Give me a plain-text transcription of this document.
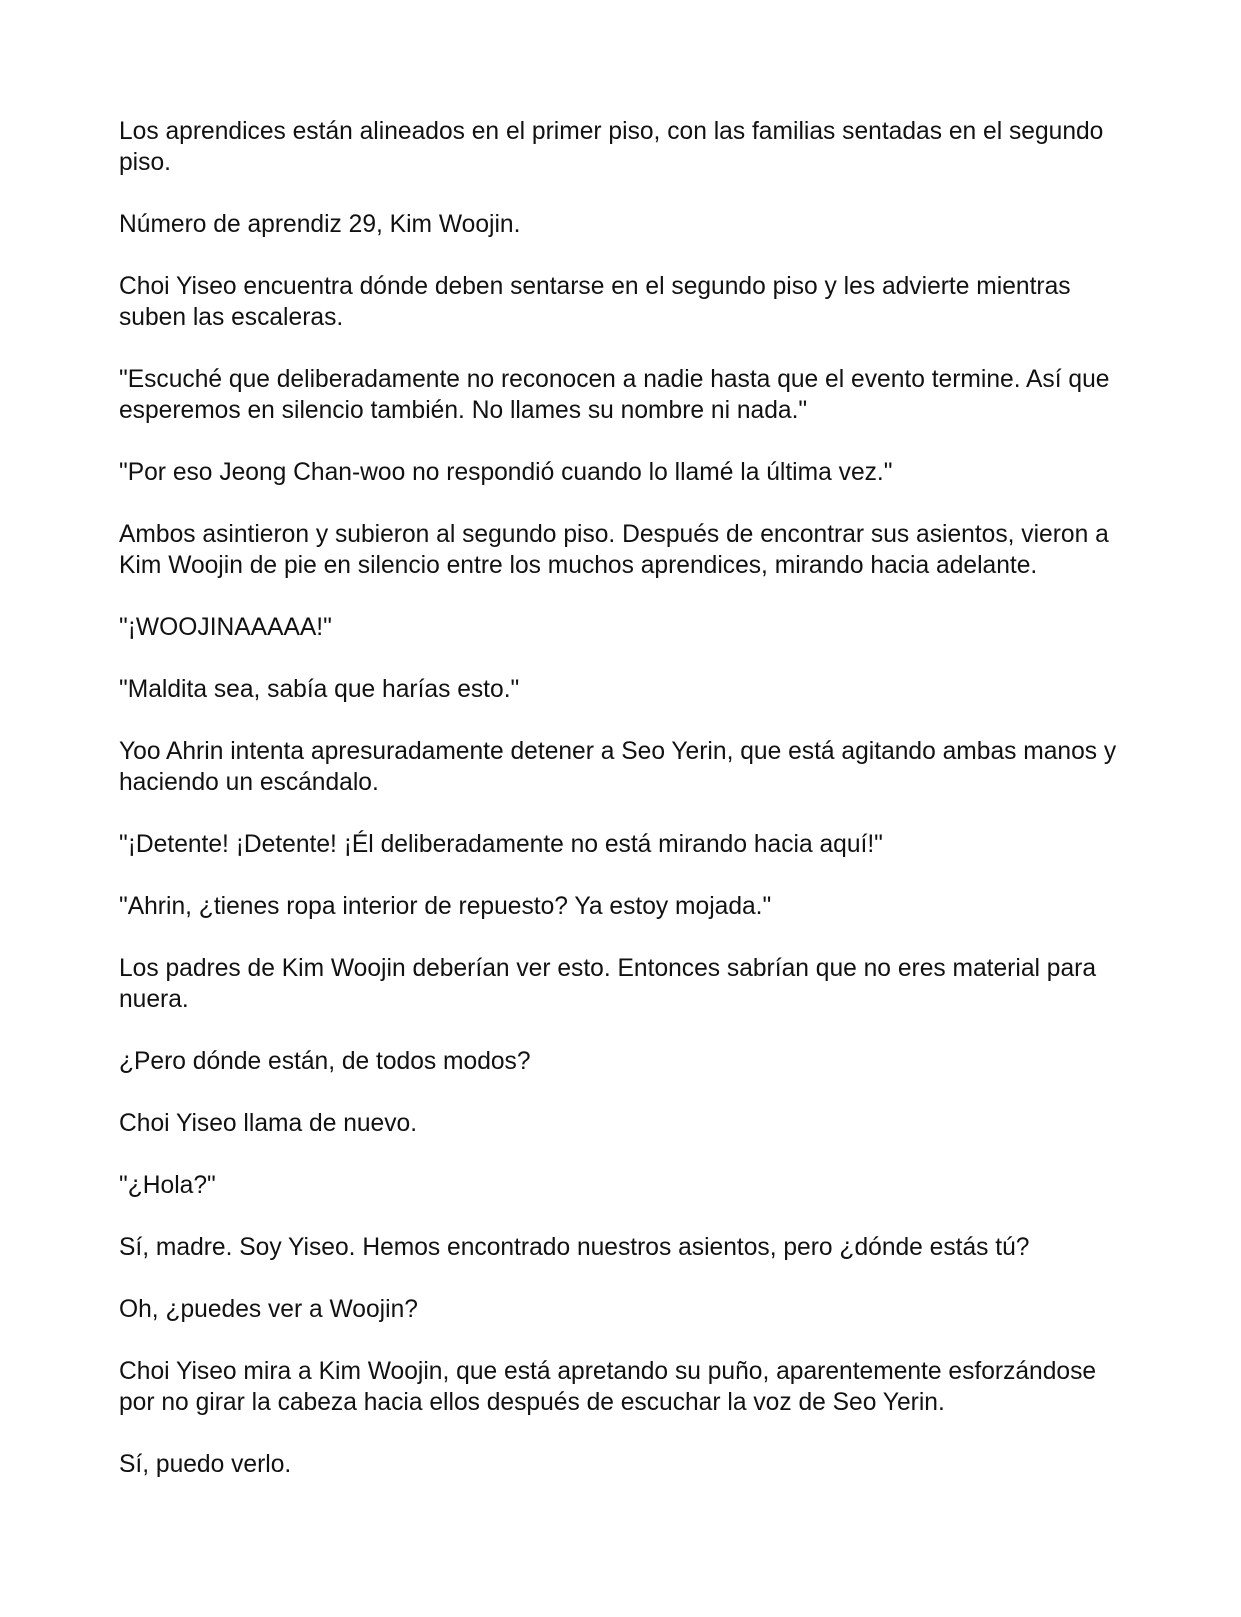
Los aprendices están alineados en el primer piso, con las familias sentadas en el segundo piso.

Número de aprendiz 29, Kim Woojin.

Choi Yiseo encuentra dónde deben sentarse en el segundo piso y les advierte mientras suben las escaleras.

"Escuché que deliberadamente no reconocen a nadie hasta que el evento termine. Así que esperemos en silencio también. No llames su nombre ni nada."

"Por eso Jeong Chan-woo no respondió cuando lo llamé la última vez."

Ambos asintieron y subieron al segundo piso. Después de encontrar sus asientos, vieron a Kim Woojin de pie en silencio entre los muchos aprendices, mirando hacia adelante.

"¡WOOJINAAAAA!"

"Maldita sea, sabía que harías esto."

Yoo Ahrin intenta apresuradamente detener a Seo Yerin, que está agitando ambas manos y haciendo un escándalo.

"¡Detente! ¡Detente! ¡Él deliberadamente no está mirando hacia aquí!"

"Ahrin, ¿tienes ropa interior de repuesto? Ya estoy mojada."

Los padres de Kim Woojin deberían ver esto. Entonces sabrían que no eres material para nuera.

¿Pero dónde están, de todos modos?

Choi Yiseo llama de nuevo.

"¿Hola?"

Sí, madre. Soy Yiseo. Hemos encontrado nuestros asientos, pero ¿dónde estás tú?

Oh, ¿puedes ver a Woojin?

Choi Yiseo mira a Kim Woojin, que está apretando su puño, aparentemente esforzándose por no girar la cabeza hacia ellos después de escuchar la voz de Seo Yerin.

Sí, puedo verlo.
